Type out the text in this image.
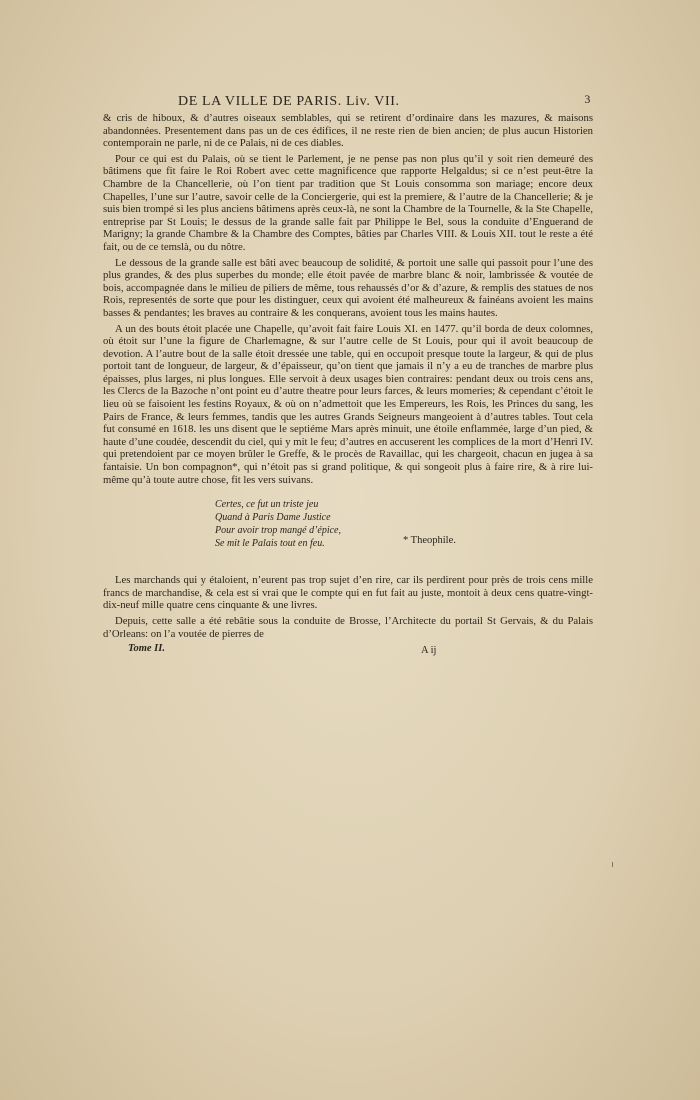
DE LA VILLE DE PARIS. Liv. VII.	3

& cris de hiboux, & d’autres oiseaux semblables, qui se retirent d’ordinaire dans les mazures, & maisons abandonnées. Presentement dans pas un de ces édifices, il ne reste rien de bien ancien; de plus aucun Historien contemporain ne parle, ni de ce Palais, ni de ces diables.

Pour ce qui est du Palais, où se tient le Parlement, je ne pense pas non plus qu’il y soit rien demeuré des bâtimens que fit faire le Roi Robert avec cette magnificence que rapporte Helgaldus; si ce n’est peut-être la Chambre de la Chancellerie, où l’on tient par tradition que St Louis consomma son mariage; encore deux Chapelles, l’une sur l’autre, savoir celle de la Conciergerie, qui est la premiere, & l’autre de la Chancellerie; & je suis bien trompé si les plus anciens bâtimens après ceux-là, ne sont la Chambre de la Tournelle, & la Ste Chapelle, entreprise par St Louis; le dessus de la grande salle fait par Philippe le Bel, sous la conduite d’Enguerand de Marigny; la grande Chambre & la Chambre des Comptes, bâties par Charles VIII. & Louis XII. tout le reste a été fait, ou de ce temslà, ou du nôtre.

Le dessous de la grande salle est bâti avec beaucoup de solidité, & portoit une salle qui passoit pour l’une des plus grandes, & des plus superbes du monde; elle étoit pavée de marbre blanc & noir, lambrissée & voutée de bois, accompagnée dans le milieu de piliers de même, tous rehaussés d’or & d’azure, & remplis des statues de nos Rois, representés de sorte que pour les distinguer, ceux qui avoient été malheureux & fainéans avoient les mains basses & pendantes; les braves au contraire & les conquerans, avoient tous les mains hautes.

A un des bouts étoit placée une Chapelle, qu’avoit fait faire Louis XI. en 1477. qu’il borda de deux colomnes, où étoit sur l’une la figure de Charlemagne, & sur l’autre celle de St Louis, pour qui il avoit beaucoup de devotion. A l’autre bout de la salle étoit dressée une table, qui en occupoit presque toute la largeur, & qui de plus portoit tant de longueur, de largeur, & d’épaisseur, qu’on tient que jamais il n’y a eu de tranches de marbre plus épaisses, plus larges, ni plus longues. Elle servoit à deux usages bien contraires: pendant deux ou trois cens ans, les Clercs de la Bazoche n’ont point eu d’autre theatre pour leurs farces, & leurs momeries; & cependant c’étoit le lieu où se faisoient les festins Royaux, & où on n’admettoit que les Empereurs, les Rois, les Princes du sang, les Pairs de France, & leurs femmes, tandis que les autres Grands Seigneurs mangeoient à d’autres tables. Tout cela fut consumé en 1618. les uns disent que le septiéme Mars après minuit, une étoile enflammée, large d’un pied, & haute d’une coudée, descendit du ciel, qui y mit le feu; d’autres en accuserent les complices de la mort d’Henri IV. qui pretendoient par ce moyen brûler le Greffe, & le procès de Ravaillac, qui les chargeoit, chacun en jugea à sa fantaisie. Un bon compagnon*, qui n’étoit pas si grand politique, & qui songeoit plus à faire rire, & à rire lui-même qu’à toute autre chose, fit les vers suivans.

Certes, ce fut un triste jeu
Quand à Paris Dame Justice
Pour avoir trop mangé d’épice,
Se mit le Palais tout en feu.	* Theophile.

Les marchands qui y étaloient, n’eurent pas trop sujet d’en rire, car ils perdirent pour près de trois cens mille francs de marchandise, & cela est si vrai que le compte qui en fut fait au juste, montoit à deux cens quatre-vingt-dix-neuf mille quatre cens cinquante & une livres.

Depuis, cette salle a été rebâtie sous la conduite de Brosse, l’Architecte du portail St Gervais, & du Palais d’Orleans: on l’a voutée de pierres de

Tome II.	A ij
